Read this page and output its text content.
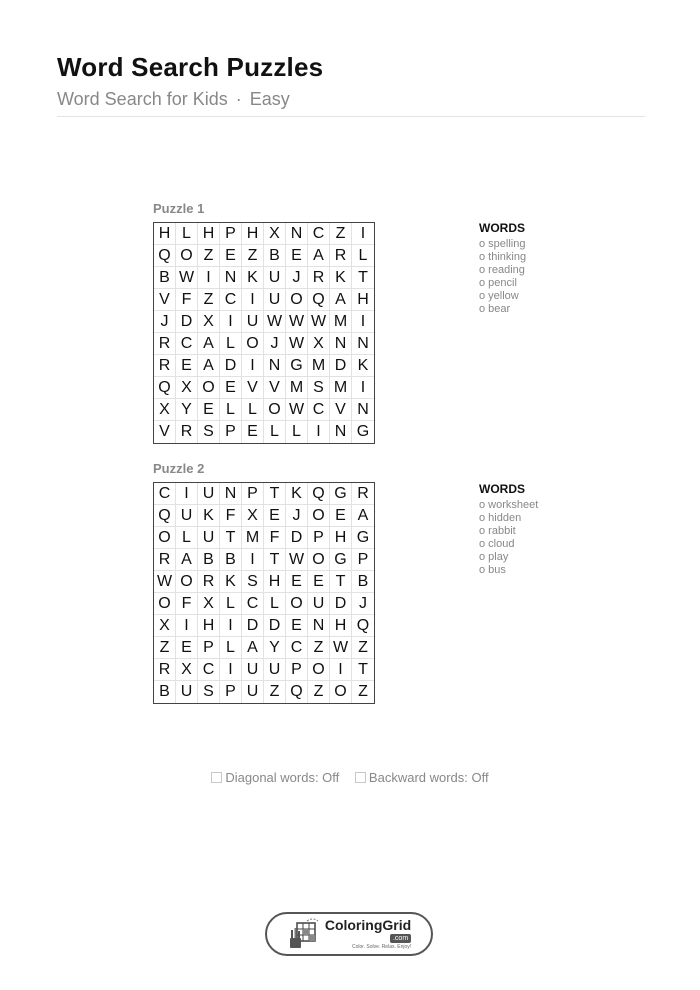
Word Search Puzzles
Word Search for Kids · Easy
Puzzle 1
H L H P H X N C Z I
Q O Z E Z B E A R L
B W I N K U J R K T
V F Z C I U O Q A H
J D X I U W W W M I
R C A L O J W X N N
R E A D I N G M D K
Q X O E V V M S M I
X Y E L L O W C V N
V R S P E L L I N G
WORDS
o spelling
o thinking
o reading
o pencil
o yellow
o bear
Puzzle 2
C I U N P T K Q G R
Q U K F X E J O E A
O L U T M F D P H G
R A B B I T W O G P
W O R K S H E E T B
O F X L C L O U D J
X I H I D D E N H Q
Z E P L A Y C Z W Z
R X C I U U P O I T
B U S P U Z Q Z O Z
WORDS
o worksheet
o hidden
o rabbit
o cloud
o play
o bus
Diagonal words: Off Backward words: Off
ColoringGrid
.com
Color. Solve. Relax. Enjoy!
